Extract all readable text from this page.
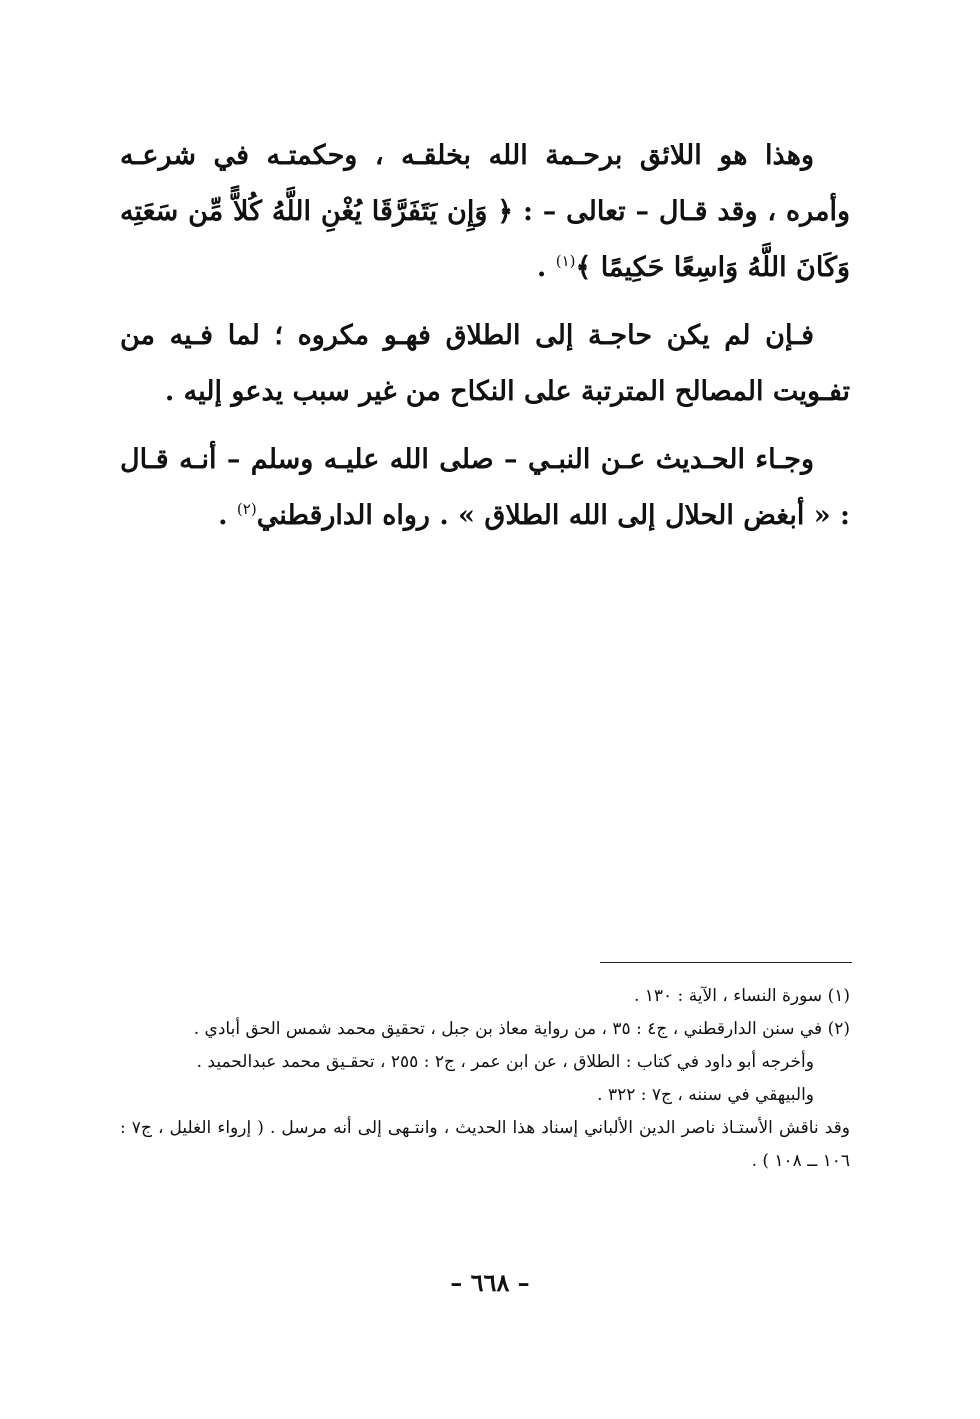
وهذا هو اللائق برحـمة الله بخلقـه ، وحكمتـه في شرعـه وأمره ، وقد قـال – تعالى – : ﴿ وَإِن يَتَفَرَّقَا يُغْنِ اللَّهُ كُلاًّ مِّن سَعَتِه وَكَانَ اللَّهُ وَاسِعًا حَكِيمًا ﴾$^{(١)}$ .

فـإن لم يكن حاجـة إلى الطلاق فهـو مكروه ؛ لما فـيه من تفـويت المصالح المترتبة على النكاح من غير سبب يدعو إليه .

وجـاء الحـديث عـن النبـي – صلى الله عليـه وسلم – أنـه قـال : « أبغض الحلال إلى الله الطلاق » . رواه الدارقطني$^{(٢)}$ .

(١) سورة النساء ، الآية : ١٣٠ .

(٢) في سنن الدارقطني ، ج٤ : ٣٥ ، من رواية معاذ بن جبل ، تحقيق محمد شمس الحق أبادي .

وأخرجه أبو داود في كتاب : الطلاق ، عن ابن عمر ، ج٢ : ٢٥٥ ، تحقـيق محمد عبدالحميد .

والبيهقي في سننه ، ج٧ : ٣٢٢ .

وقد ناقش الأستـاذ ناصر الدين الألباني إسناد هذا الحديث ، وانتـهى إلى أنه مرسل . ( إرواء الغليل ، ج٧ : ١٠٦ ــ ١٠٨ ) .

– ٦٦٨ –
